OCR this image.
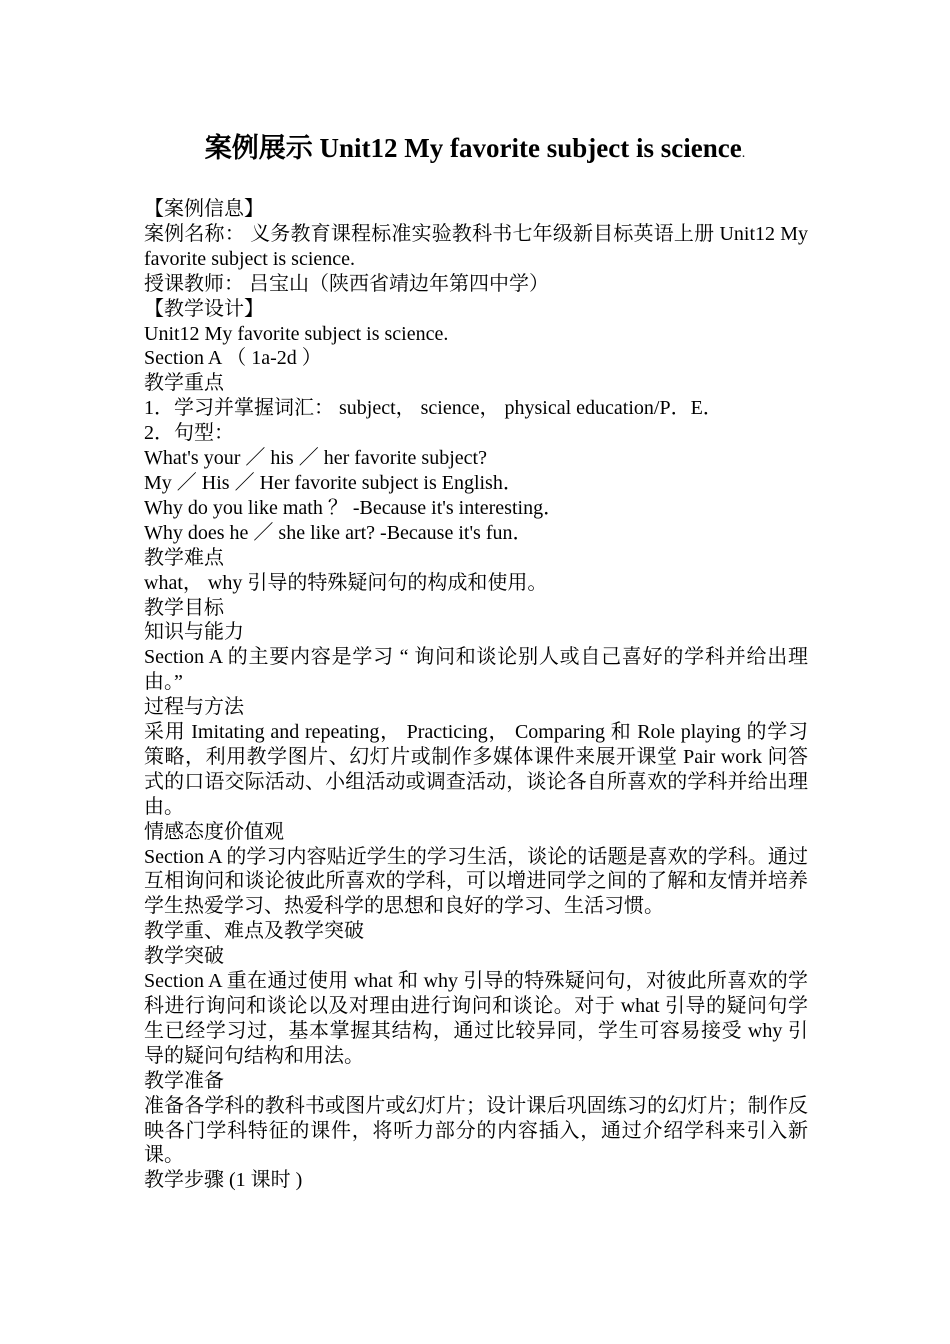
案例展示 Unit12 My favorite subject is science.

【案例信息】

案例名称： 义务教育课程标准实验教科书七年级新目标英语上册 Unit12 My favorite subject is science.

授课教师： 吕宝山（陕西省靖边年第四中学）

【教学设计】

Unit12 My favorite subject is science.

Section A （ 1a-2d ）

教学重点

1．学习并掌握词汇： subject， science， physical education/P．E．

2．句型：

What's your ／ his ／ her favorite subject?

My ／ His ／ Her favorite subject is English．

Why do you like math ？ -Because it's interesting．

Why does he ／ she like art? -Because it's fun．

教学难点

what， why 引导的特殊疑问句的构成和使用。

教学目标

知识与能力

Section A 的主要内容是学习 “ 询问和谈论别人或自己喜好的学科并给出理由。”

过程与方法

采用 Imitating and repeating， Practicing， Comparing 和 Role playing 的学习策略，利用教学图片、幻灯片或制作多媒体课件来展开课堂 Pair work 问答式的口语交际活动、小组活动或调查活动，谈论各自所喜欢的学科并给出理由。

情感态度价值观

Section A 的学习内容贴近学生的学习生活，谈论的话题是喜欢的学科。通过互相询问和谈论彼此所喜欢的学科，可以增进同学之间的了解和友情并培养学生热爱学习、热爱科学的思想和良好的学习、生活习惯。

教学重、难点及教学突破

教学突破

Section A 重在通过使用 what 和 why 引导的特殊疑问句，对彼此所喜欢的学科进行询问和谈论以及对理由进行询问和谈论。对于 what 引导的疑问句学生已经学习过，基本掌握其结构，通过比较异同，学生可容易接受 why 引导的疑问句结构和用法。

教学准备

准备各学科的教科书或图片或幻灯片；设计课后巩固练习的幻灯片；制作反映各门学科特征的课件，将听力部分的内容插入，通过介绍学科来引入新课。

教学步骤 (1 课时 )
